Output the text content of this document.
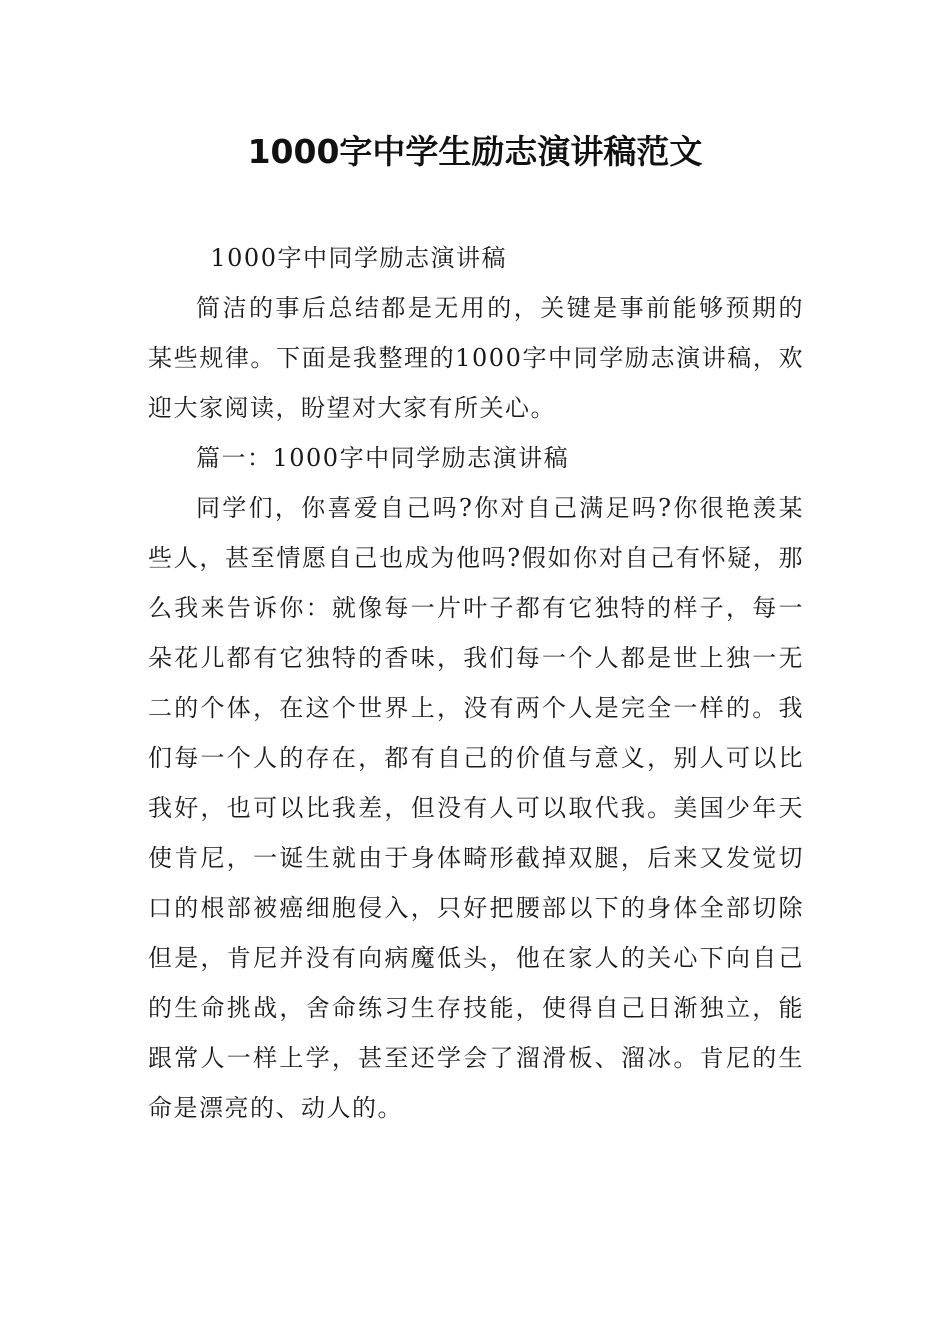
1000字中学生励志演讲稿范文

1000字中同学励志演讲稿

简洁的事后总结都是无用的，关键是事前能够预期的某些规律。下面是我整理的1000字中同学励志演讲稿，欢迎大家阅读，盼望对大家有所关心。

篇一：1000字中同学励志演讲稿

同学们，你喜爱自己吗?你对自己满足吗?你很艳羡某些人，甚至情愿自己也成为他吗?假如你对自己有怀疑，那么我来告诉你：就像每一片叶子都有它独特的样子，每一朵花儿都有它独特的香味，我们每一个人都是世上独一无二的个体，在这个世界上，没有两个人是完全一样的。我们每一个人的存在，都有自己的价值与意义，别人可以比我好，也可以比我差，但没有人可以取代我。美国少年天使肯尼，一诞生就由于身体畸形截掉双腿，后来又发觉切口的根部被癌细胞侵入，只好把腰部以下的身体全部切除但是，肯尼并没有向病魔低头，他在家人的关心下向自己的生命挑战，舍命练习生存技能，使得自己日渐独立，能跟常人一样上学，甚至还学会了溜滑板、溜冰。肯尼的生命是漂亮的、动人的。
